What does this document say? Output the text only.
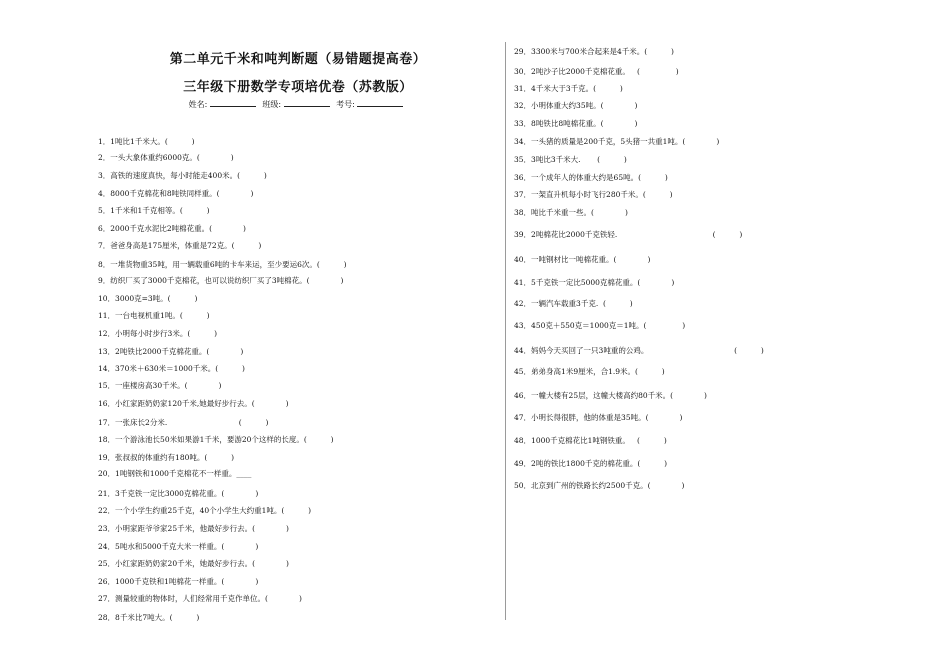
第二单元千米和吨判断题（易错题提高卷）
三年级下册数学专项培优卷（苏教版）
姓名:	班级:	考号:
1．1吨比1千米大。(          )
2．一头大象体重约6000克。(             )
3．高铁的速度真快，每小时能走400米。(          )
4．8000千克棉花和8吨铁同样重。(             )
5．1千米和1千克相等。(          )
6．2000千克水泥比2吨棉花重。(             )
7．爸爸身高是175厘米，体重是72克。(          )
8．一堆货物重35吨，用一辆载重6吨的卡车来运，至少要运6次。(          )
9．纺织厂买了3000千克棉花，也可以说纺织厂买了3吨棉花。(             )
10．3000克=3吨。(          )
11．一台电视机重1吨。(          )
12．小明每小时步行3米。(          )
13．2吨铁比2000千克棉花重。(             )
14．370米＋630米＝1000千米。(          )
15．一座楼房高30千米。(             )
16．小红家距奶奶家120千米,她最好步行去。(             )
17．一张床长2分米.                              (          )
18．一个游泳池长50米如果游1千米，要游20个这样的长度。(          )
19．张叔叔的体重约有180吨。(          )
20．1吨钢铁和1000千克棉花不一样重。____
21．3千克铁一定比3000克棉花重。(             )
22．一个小学生约重25千克，40个小学生大约重1吨。(          )
23．小明家距爷爷家25千米，他最好步行去。(             )
24．5吨水和5000千克大米一样重。(             )
25．小红家距奶奶家20千米，她最好步行去。(             )
26．1000千克铁和1吨棉花一样重。(             )
27．测量较重的物体时，人们经常用千克作单位。(             )
28．8千米比7吨大。(          )
29．3300米与700米合起来是4千米。(          )
30．2吨沙子比2000千克棉花重。   (               )
31．4千米大于3千克。(          )
32．小明体重大约35吨。(             )
33．8吨铁比8吨棉花重。(             )
34．一头猪的质量是200千克，5头猪一共重1吨。(             )
35．3吨比3千米大.       (          )
36．一个成年人的体重大约是65吨。(          )
37．一架直升机每小时飞行280千米。(          )
38．吨比千米重一些。(             )
39．2吨棉花比2000千克铁轻.                                        (          )
40．一吨钢材比一吨棉花重。(             )
41．5千克铁一定比5000克棉花重。(             )
42．一辆汽车载重3千克.  (          )
43．450克＋550克＝1000克＝1吨。(               )
44．妈妈今天买回了一只3吨重的公鸡。                                    (          )
45．弟弟身高1米9厘米，合1.9米。(          )
46．一幢大楼有25层，这幢大楼高约80千米。(             )
47．小明长得很胖，他的体重是35吨。(             )
48．1000千克棉花比1吨钢铁重。   (          )
49．2吨的铁比1800千克的棉花重。(          )
50．北京到广州的铁路长约2500千克。(             )
